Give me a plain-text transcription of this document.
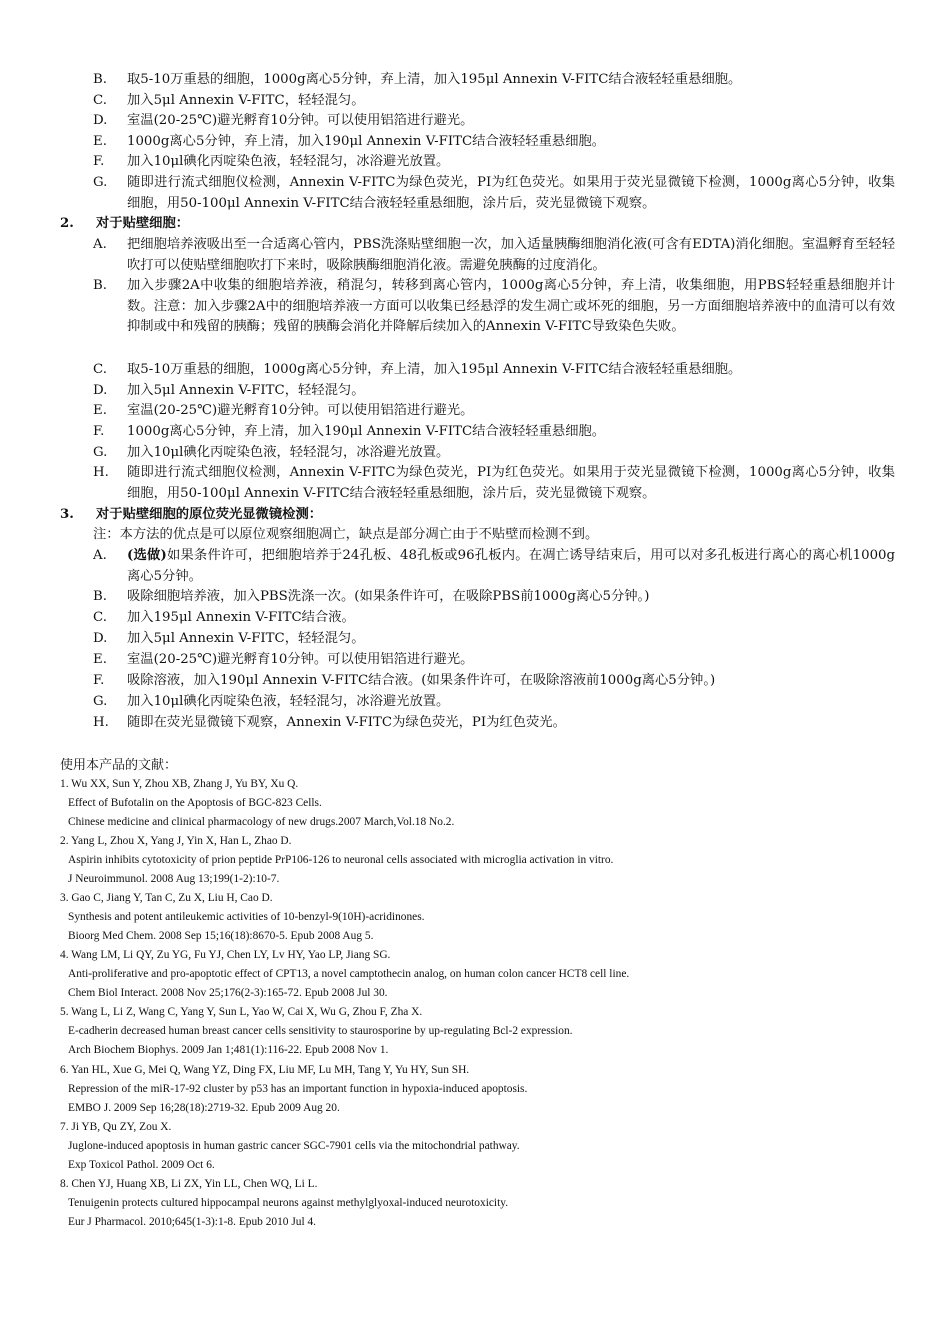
B. 取5-10万重悬的细胞，1000g离心5分钟，弃上清，加入195μl Annexin V-FITC结合液轻轻重悬细胞。
C. 加入5μl Annexin V-FITC，轻轻混匀。
D. 室温(20-25℃)避光孵育10分钟。可以使用铝箔进行避光。
E. 1000g离心5分钟，弃上清，加入190μl Annexin V-FITC结合液轻轻重悬细胞。
F. 加入10μl碘化丙啶染色液，轻轻混匀，冰浴避光放置。
G. 随即进行流式细胞仪检测，Annexin V-FITC为绿色荧光，PI为红色荧光。如果用于荧光显微镜下检测，1000g离心5分钟，收集细胞，用50-100μl Annexin V-FITC结合液轻轻重悬细胞，涂片后，荧光显微镜下观察。
2. 对于贴壁细胞：
A. 把细胞培养液吸出至一合适离心管内，PBS洗涤贴壁细胞一次，加入适量胰酶细胞消化液(可含有EDTA)消化细胞。室温孵育至轻轻吹打可以使贴壁细胞吹打下来时，吸除胰酶细胞消化液。需避免胰酶的过度消化。
B. 加入步骤2A中收集的细胞培养液，稍混匀，转移到离心管内，1000g离心5分钟，弃上清，收集细胞，用PBS轻轻重悬细胞并计数。注意：加入步骤2A中的细胞培养液一方面可以收集已经悬浮的发生凋亡或坏死的细胞，另一方面细胞培养液中的血清可以有效抑制或中和残留的胰酶；残留的胰酶会消化并降解后续加入的Annexin V-FITC导致染色失败。
C. 取5-10万重悬的细胞，1000g离心5分钟，弃上清，加入195μl Annexin V-FITC结合液轻轻重悬细胞。
D. 加入5μl Annexin V-FITC，轻轻混匀。
E. 室温(20-25℃)避光孵育10分钟。可以使用铝箔进行避光。
F. 1000g离心5分钟，弃上清，加入190μl Annexin V-FITC结合液轻轻重悬细胞。
G. 加入10μl碘化丙啶染色液，轻轻混匀，冰浴避光放置。
H. 随即进行流式细胞仪检测，Annexin V-FITC为绿色荧光，PI为红色荧光。如果用于荧光显微镜下检测，1000g离心5分钟，收集细胞，用50-100μl Annexin V-FITC结合液轻轻重悬细胞，涂片后，荧光显微镜下观察。
3. 对于贴壁细胞的原位荧光显微镜检测：
注：本方法的优点是可以原位观察细胞凋亡，缺点是部分凋亡由于不贴壁而检测不到。
A. (选做)如果条件许可，把细胞培养于24孔板、48孔板或96孔板内。在凋亡诱导结束后，用可以对多孔板进行离心的离心机1000g离心5分钟。
B. 吸除细胞培养液，加入PBS洗涤一次。(如果条件许可，在吸除PBS前1000g离心5分钟。)
C. 加入195μl Annexin V-FITC结合液。
D. 加入5μl Annexin V-FITC，轻轻混匀。
E. 室温(20-25℃)避光孵育10分钟。可以使用铝箔进行避光。
F. 吸除溶液，加入190μl Annexin V-FITC结合液。(如果条件许可，在吸除溶液前1000g离心5分钟。)
G. 加入10μl碘化丙啶染色液，轻轻混匀，冰浴避光放置。
H. 随即在荧光显微镜下观察，Annexin V-FITC为绿色荧光，PI为红色荧光。
使用本产品的文献：
1. Wu XX, Sun Y, Zhou XB, Zhang J, Yu BY, Xu Q.
Effect of Bufotalin on the Apoptosis of BGC-823 Cells.
Chinese medicine and clinical pharmacology of new drugs.2007 March,Vol.18 No.2.
2. Yang L, Zhou X, Yang J, Yin X, Han L, Zhao D.
Aspirin inhibits cytotoxicity of prion peptide PrP106-126 to neuronal cells associated with microglia activation in vitro.
J Neuroimmunol. 2008 Aug 13;199(1-2):10-7.
3. Gao C, Jiang Y, Tan C, Zu X, Liu H, Cao D.
Synthesis and potent antileukemic activities of 10-benzyl-9(10H)-acridinones.
Bioorg Med Chem. 2008 Sep 15;16(18):8670-5. Epub 2008 Aug 5.
4. Wang LM, Li QY, Zu YG, Fu YJ, Chen LY, Lv HY, Yao LP, Jiang SG.
Anti-proliferative and pro-apoptotic effect of CPT13, a novel camptothecin analog, on human colon cancer HCT8 cell line.
Chem Biol Interact. 2008 Nov 25;176(2-3):165-72. Epub 2008 Jul 30.
5. Wang L, Li Z, Wang C, Yang Y, Sun L, Yao W, Cai X, Wu G, Zhou F, Zha X.
E-cadherin decreased human breast cancer cells sensitivity to staurosporine by up-regulating Bcl-2 expression.
Arch Biochem Biophys. 2009 Jan 1;481(1):116-22. Epub 2008 Nov 1.
6. Yan HL, Xue G, Mei Q, Wang YZ, Ding FX, Liu MF, Lu MH, Tang Y, Yu HY, Sun SH.
Repression of the miR-17-92 cluster by p53 has an important function in hypoxia-induced apoptosis.
EMBO J. 2009 Sep 16;28(18):2719-32. Epub 2009 Aug 20.
7. Ji YB, Qu ZY, Zou X.
Juglone-induced apoptosis in human gastric cancer SGC-7901 cells via the mitochondrial pathway.
Exp Toxicol Pathol. 2009 Oct 6.
8. Chen YJ, Huang XB, Li ZX, Yin LL, Chen WQ, Li L.
Tenuigenin protects cultured hippocampal neurons against methylglyoxal-induced neurotoxicity.
Eur J Pharmacol. 2010;645(1-3):1-8. Epub 2010 Jul 4.
